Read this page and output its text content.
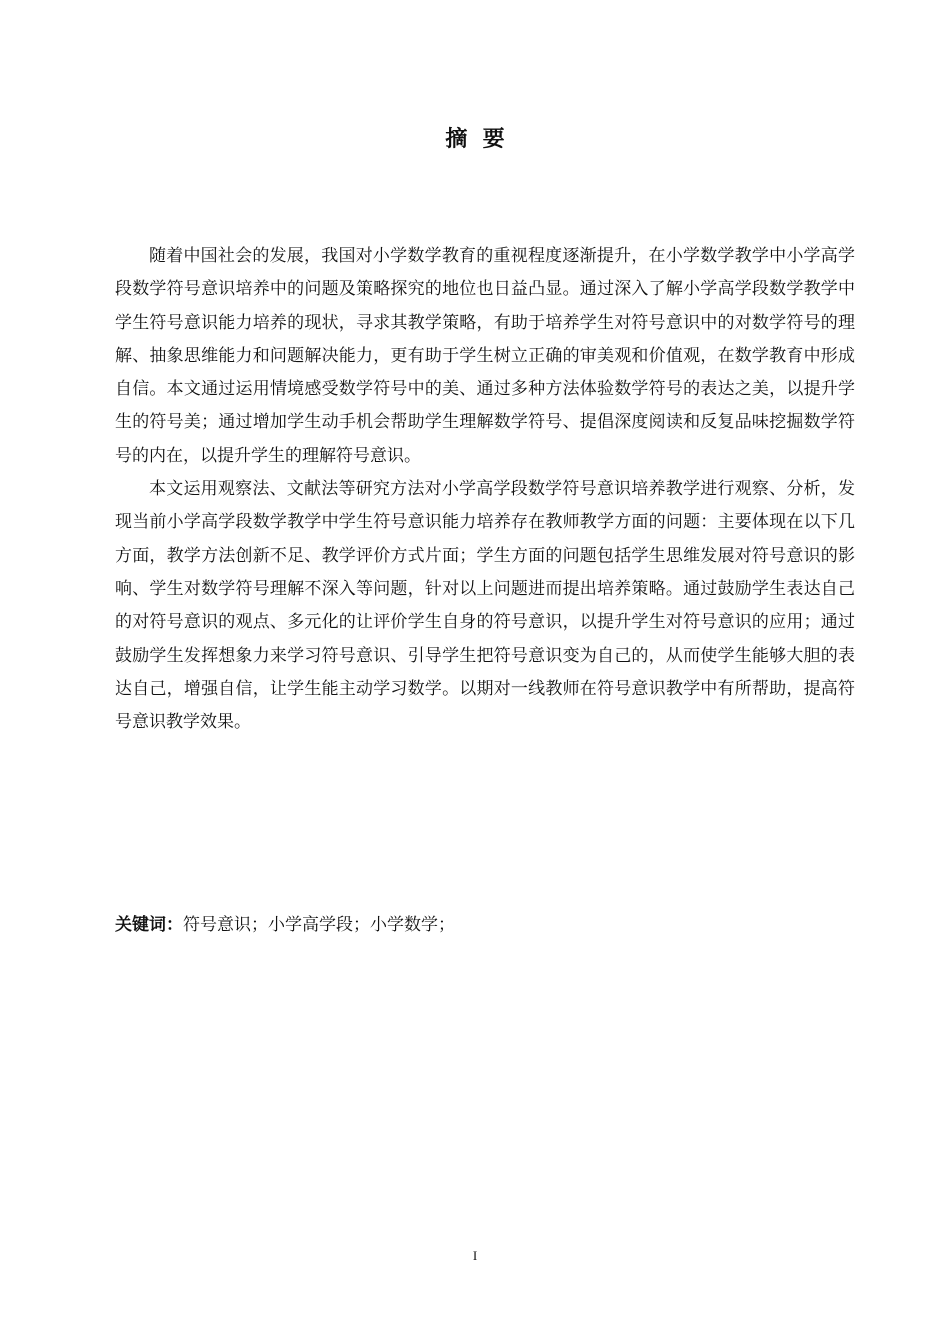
摘  要

随着中国社会的发展，我国对小学数学教育的重视程度逐渐提升，在小学数学教学中小学高学段数学符号意识培养中的问题及策略探究的地位也日益凸显。通过深入了解小学高学段数学教学中学生符号意识能力培养的现状，寻求其教学策略，有助于培养学生对符号意识中的对数学符号的理解、抽象思维能力和问题解决能力，更有助于学生树立正确的审美观和价值观，在数学教育中形成自信。本文通过运用情境感受数学符号中的美、通过多种方法体验数学符号的表达之美，以提升学生的符号美；通过增加学生动手机会帮助学生理解数学符号、提倡深度阅读和反复品味挖掘数学符号的内在，以提升学生的理解符号意识。

本文运用观察法、文献法等研究方法对小学高学段数学符号意识培养教学进行观察、分析，发现当前小学高学段数学教学中学生符号意识能力培养存在教师教学方面的问题：主要体现在以下几方面，教学方法创新不足、教学评价方式片面；学生方面的问题包括学生思维发展对符号意识的影响、学生对数学符号理解不深入等问题，针对以上问题进而提出培养策略。通过鼓励学生表达自己的对符号意识的观点、多元化的让评价学生自身的符号意识，以提升学生对符号意识的应用；通过鼓励学生发挥想象力来学习符号意识、引导学生把符号意识变为自己的，从而使学生能够大胆的表达自己，增强自信，让学生能主动学习数学。以期对一线教师在符号意识教学中有所帮助，提高符号意识教学效果。

关键词：符号意识；小学高学段；小学数学；
I
